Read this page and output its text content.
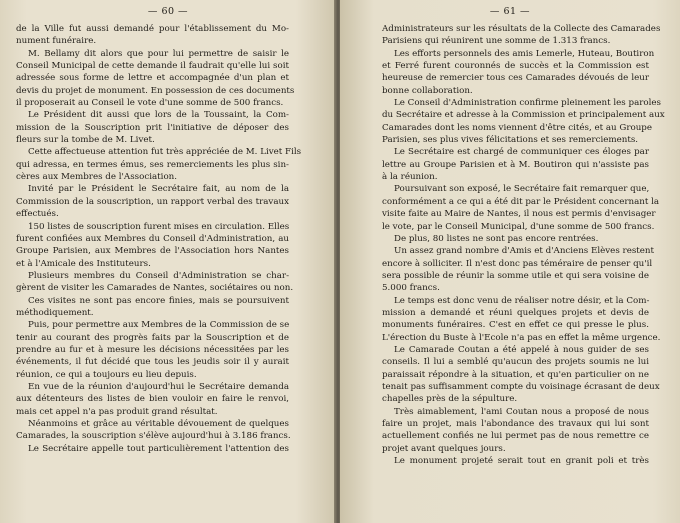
— 60 —
de la Ville fut aussi demandé pour l'établissement du Mo-
nument funéraire.
M. Bellamy dit alors que pour lui permettre de saisir le
Conseil Municipal de cette demande il faudrait qu'elle lui soit
adressée sous forme de lettre et accompagnée d'un plan et
devis du projet de monument. En possession de ces documents
il proposerait au Conseil le vote d'une somme de 500 francs.
Le Président dit aussi que lors de la Toussaint, la Com-
mission de la Souscription prit l'initiative de déposer des
fleurs sur la tombe de M. Livet.
Cette affectueuse attention fut très appréciée de M. Livet Fils
qui adressa, en termes émus, ses remerciements les plus sin-
cères aux Membres de l'Association.
Invité par le Président le Secrétaire fait, au nom de la
Commission de la souscription, un rapport verbal des travaux
effectués.
150 listes de souscription furent mises en circulation. Elles
furent confiées aux Membres du Conseil d'Administration, au
Groupe Parisien, aux Membres de l'Association hors Nantes
et à l'Amicale des Instituteurs.
Plusieurs membres du Conseil d'Administration se char-
gèrent de visiter les Camarades de Nantes, sociétaires ou non.
Ces visites ne sont pas encore finies, mais se poursuivent
méthodiquement.
Puis, pour permettre aux Membres de la Commission de se
tenir au courant des progrès faits par la Souscription et de
prendre au fur et à mesure les décisions nécessitées par les
événements, il fut décidé que tous les jeudis soir il y aurait
réunion, ce qui a toujours eu lieu depuis.
En vue de la réunion d'aujourd'hui le Secrétaire demanda
aux détenteurs des listes de bien vouloir en faire le renvoi,
mais cet appel n'a pas produit grand résultat.
Néanmoins et grâce au véritable dévouement de quelques
Camarades, la souscription s'élève aujourd'hui à 3.186 francs.
Le Secrétaire appelle tout particulièrement l'attention des
— 61 —
Administrateurs sur les résultats de la Collecte des Camarades
Parisiens qui réunirent une somme de 1.313 francs.
Les efforts personnels des amis Lemerle, Huteau, Boutiron
et Ferré furent couronnés de succès et la Commission est
heureuse de remercier tous ces Camarades dévoués de leur
bonne collaboration.
Le Conseil d'Administration confirme pleinement les paroles
du Secrétaire et adresse à la Commission et principalement aux
Camarades dont les noms viennent d'être cités, et au Groupe
Parisien, ses plus vives félicitations et ses remerciements.
Le Secrétaire est chargé de communiquer ces éloges par
lettre au Groupe Parisien et à M. Boutiron qui n'assiste pas
à la réunion.
Poursuivant son exposé, le Secrétaire fait remarquer que,
conformément a ce qui a été dit par le Président concernant la
visite faite au Maire de Nantes, il nous est permis d'envisager
le vote, par le Conseil Municipal, d'une somme de 500 francs.
De plus, 80 listes ne sont pas encore rentrées.
Un assez grand nombre d'Amis et d'Anciens Elèves restent
encore à solliciter. Il n'est donc pas téméraire de penser qu'il
sera possible de réunir la somme utile et qui sera voisine de
5.000 francs.
Le temps est donc venu de réaliser notre désir, et la Com-
mission a demandé et réuni quelques projets et devis de
monuments funéraires. C'est en effet ce qui presse le plus.
L'érection du Buste à l'Ecole n'a pas en effet la même urgence.
Le Camarade Coutan a été appelé à nous guider de ses
conseils. Il lui a semblé qu'aucun des projets soumis ne lui
paraissait répondre à la situation, et qu'en particulier on ne
tenait pas suffisamment compte du voisinage écrasant de deux
chapelles près de la sépulture.
Très aimablement, l'ami Coutan nous a proposé de nous
faire un projet, mais l'abondance des travaux qui lui sont
actuellement confiés ne lui permet pas de nous remettre ce
projet avant quelques jours.
Le monument projeté serait tout en granit poli et très
